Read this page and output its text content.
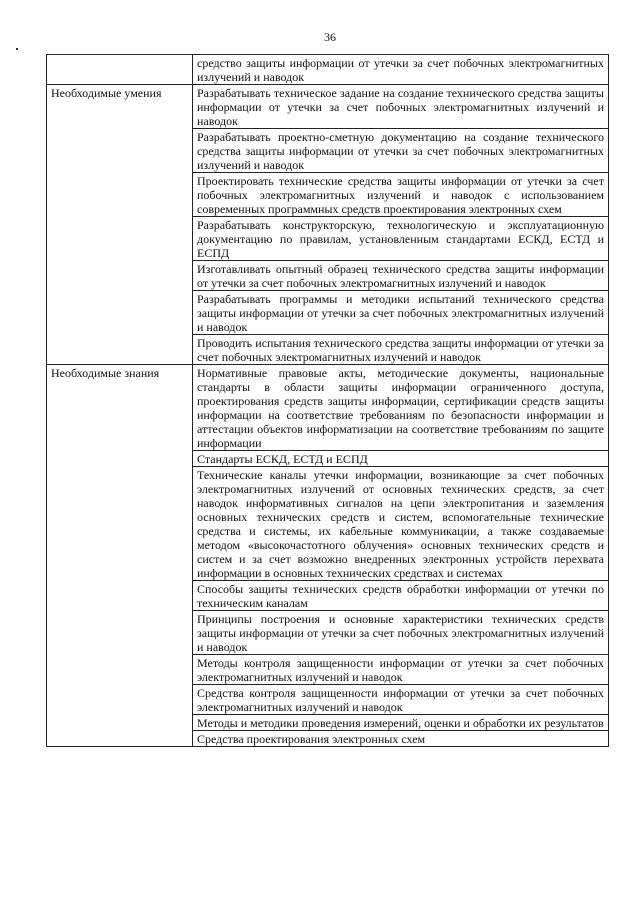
36
	средство защиты информации от утечки за счет побочных электромагнитных излучений и наводок
Необходимые умения	Разрабатывать техническое задание на создание технического средства защиты информации от утечки за счет побочных электромагнитных излучений и наводок
	Разрабатывать проектно-сметную документацию на создание технического средства защиты информации от утечки за счет побочных электромагнитных излучений и наводок
	Проектировать технические средства защиты информации от утечки за счет побочных электромагнитных излучений и наводок с использованием современных программных средств проектирования электронных схем
	Разрабатывать конструкторскую, технологическую и эксплуатационную документацию по правилам, установленным стандартами ЕСКД, ЕСТД и ЕСПД
	Изготавливать опытный образец технического средства защиты информации от утечки за счет побочных электромагнитных излучений и наводок
	Разрабатывать программы и методики испытаний технического средства защиты информации от утечки за счет побочных электромагнитных излучений и наводок
	Проводить испытания технического средства защиты информации от утечки за счет побочных электромагнитных излучений и наводок
Необходимые знания	Нормативные правовые акты, методические документы, национальные стандарты в области защиты информации ограниченного доступа, проектирования средств защиты информации, сертификации средств защиты информации на соответствие требованиям по безопасности информации и аттестации объектов информатизации на соответствие требованиям по защите информации
	Стандарты ЕСКД, ЕСТД и ЕСПД
	Технические каналы утечки информации, возникающие за счет побочных электромагнитных излучений от основных технических средств, за счет наводок информативных сигналов на цепи электропитания и заземления основных технических средств и систем, вспомогательные технические средства и системы, их кабельные коммуникации, а также создаваемые методом «высокочастотного облучения» основных технических средств и систем и за счет возможно внедренных электронных устройств перехвата информации в основных технических средствах и системах
	Способы защиты технических средств обработки информации от утечки по техническим каналам
	Принципы построения и основные характеристики технических средств защиты информации от утечки за счет побочных электромагнитных излучений и наводок
	Методы контроля защищенности информации от утечки за счет побочных электромагнитных излучений и наводок
	Средства контроля защищенности информации от утечки за счет побочных электромагнитных излучений и наводок
	Методы и методики проведения измерений, оценки и обработки их результатов
	Средства проектирования электронных схем
